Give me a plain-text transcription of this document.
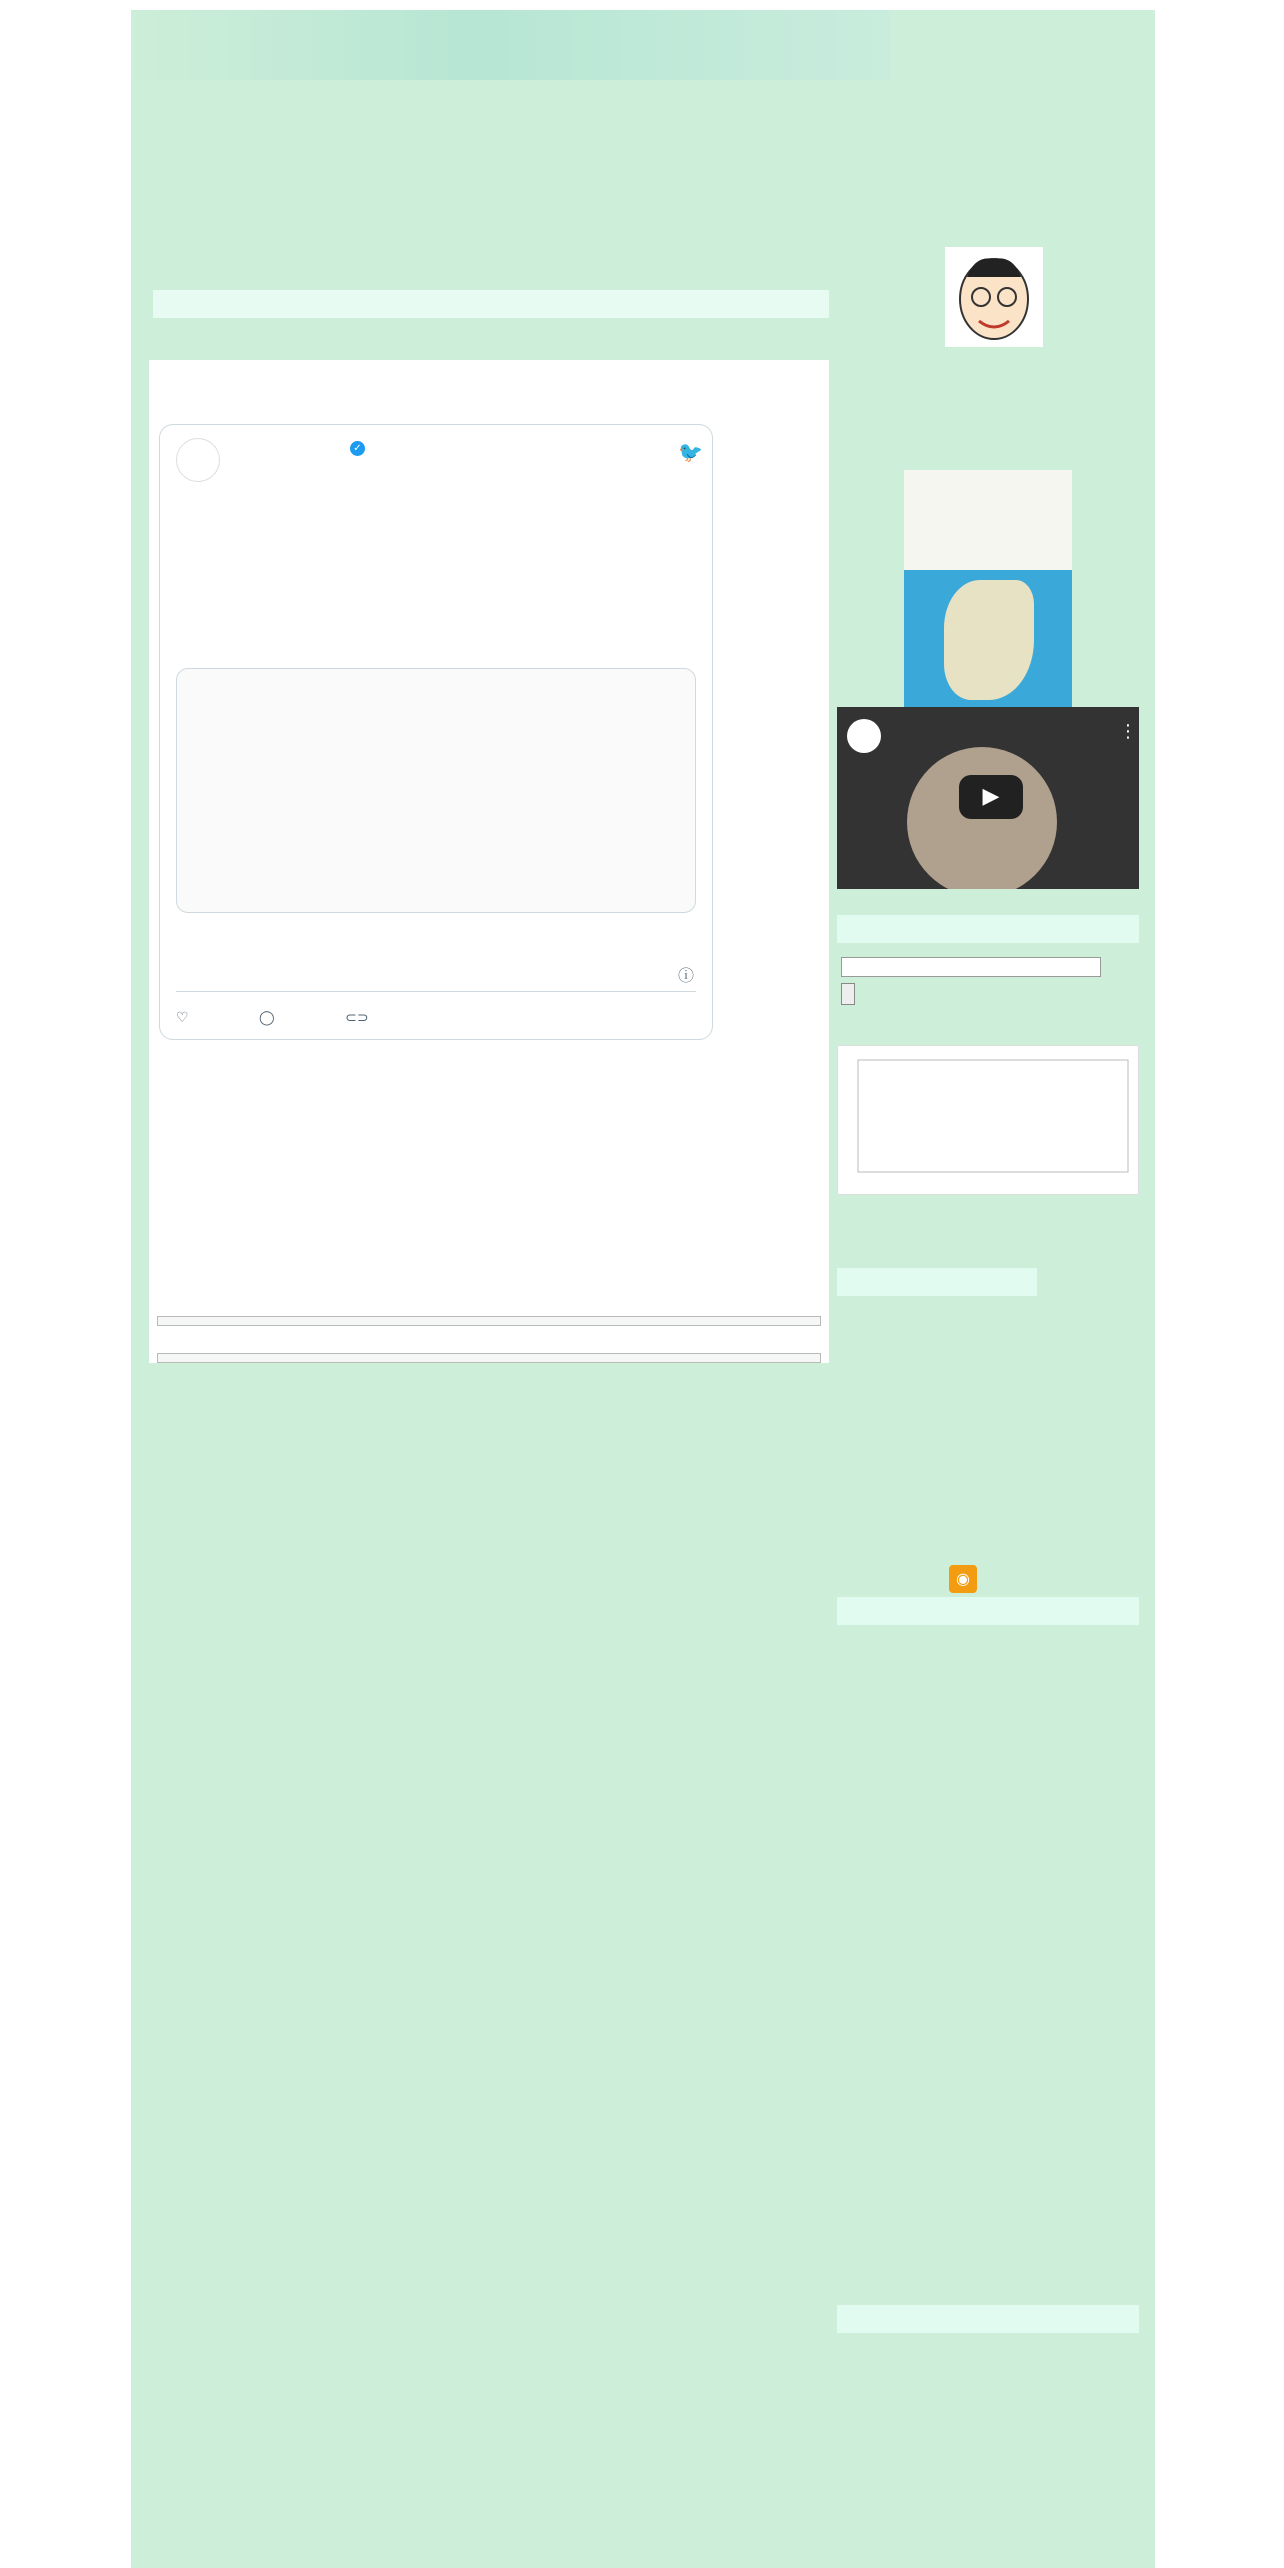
✓	🐦
ⓘ
♡	◯	⊂⊃
⋮
▶
◉
